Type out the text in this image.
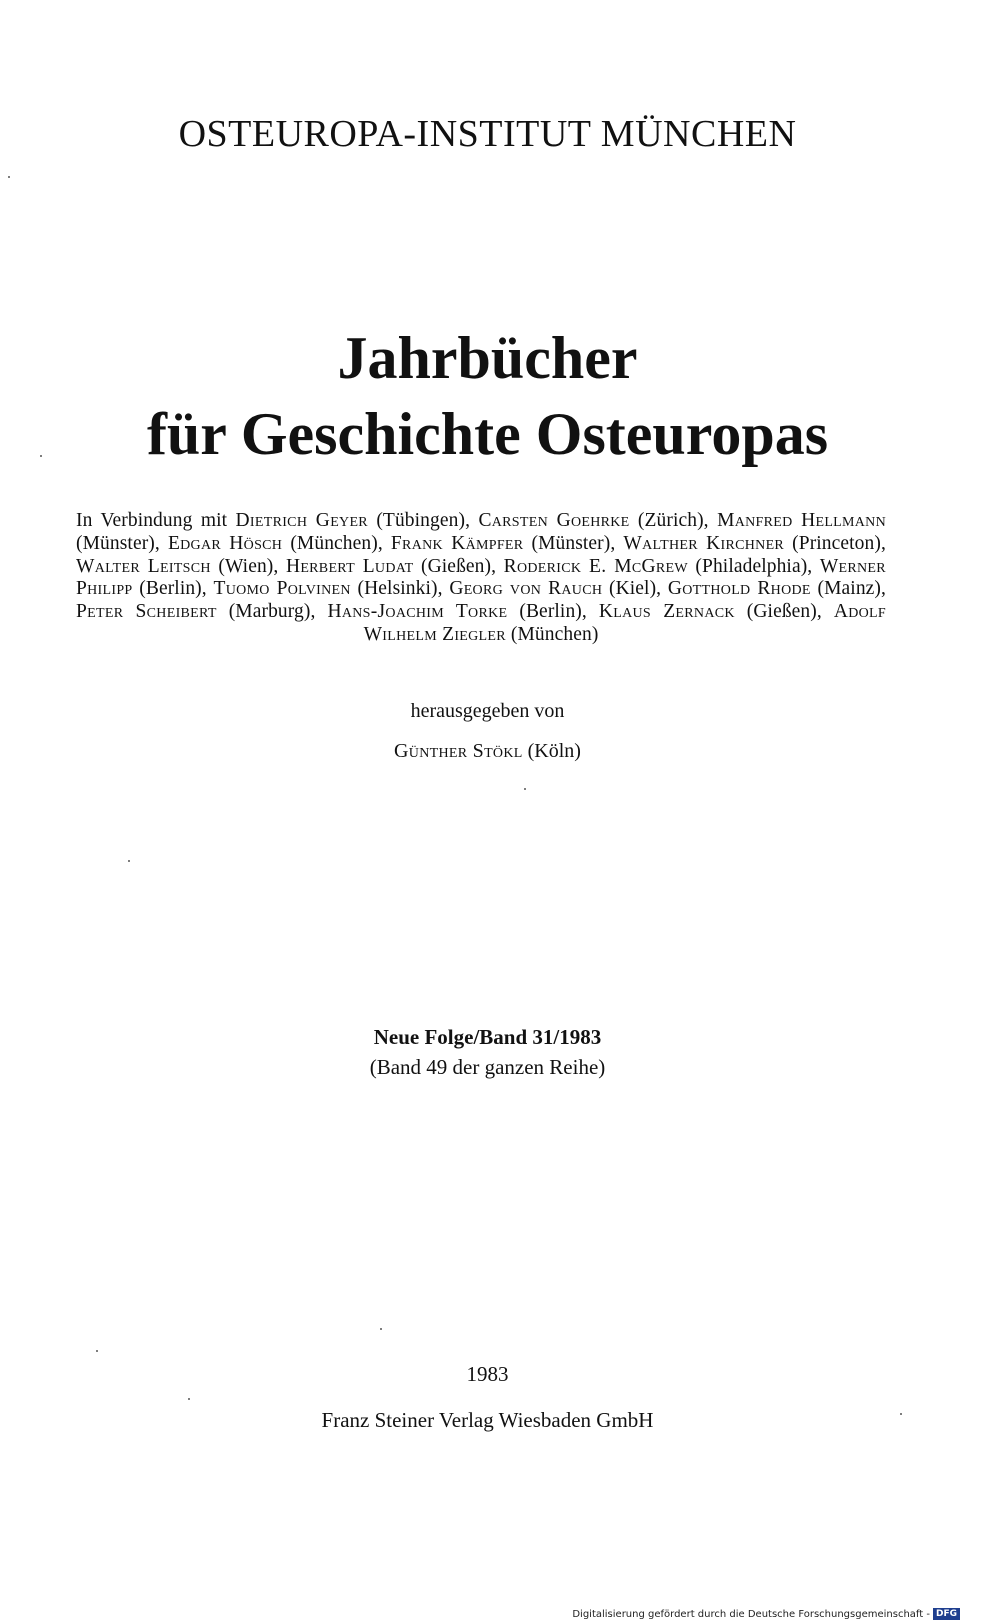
OSTEUROPA-INSTITUT MÜNCHEN
Jahrbücher
für Geschichte Osteuropas
In Verbindung mit Dietrich Geyer (Tübingen), Carsten Goehrke (Zürich), Manfred Hellmann (Münster), Edgar Hösch (München), Frank Kämpfer (Münster), Walther Kirchner (Princeton), Walter Leitsch (Wien), Herbert Ludat (Gießen), Roderick E. McGrew (Philadelphia), Werner Philipp (Berlin), Tuomo Polvinen (Helsinki), Georg von Rauch (Kiel), Gotthold Rhode (Mainz), Peter Scheibert (Marburg), Hans-Joachim Torke (Berlin), Klaus Zernack (Gießen), Adolf Wilhelm Ziegler (München)
herausgegeben von
Günther Stökl (Köln)
Neue Folge/Band 31/1983
(Band 49 der ganzen Reihe)
1983
Franz Steiner Verlag Wiesbaden GmbH
Digitalisierung gefördert durch die Deutsche Forschungsgemeinschaft - DFG
